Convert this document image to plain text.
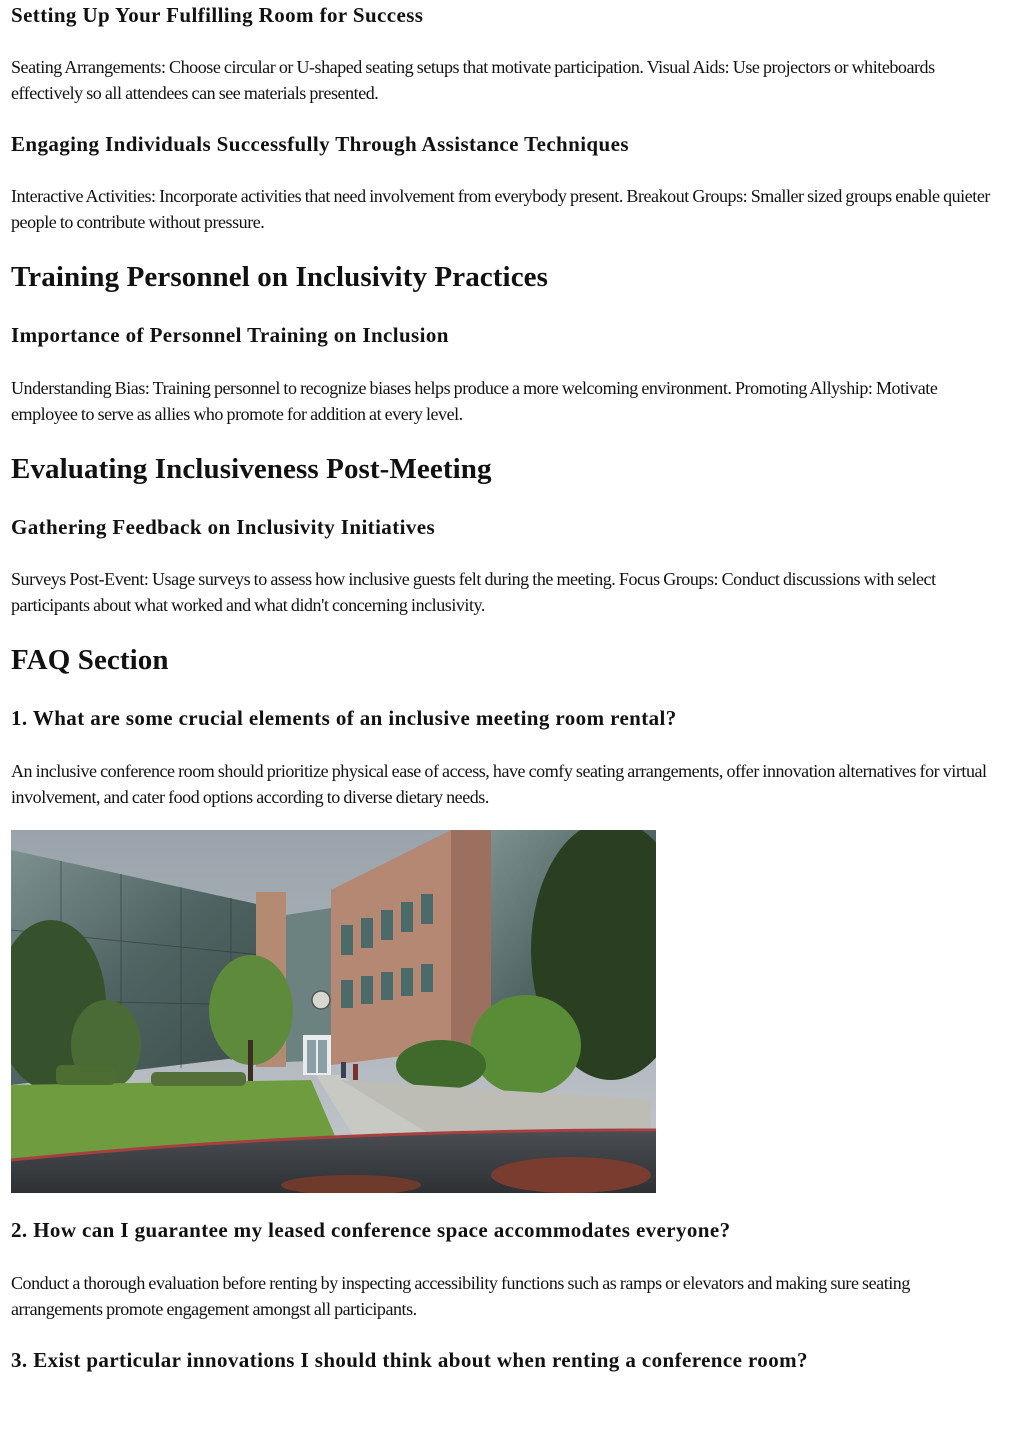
Setting Up Your Fulfilling Room for Success

Seating Arrangements: Choose circular or U-shaped seating setups that motivate participation. Visual Aids: Use projectors or whiteboards effectively so all attendees can see materials presented.

Engaging Individuals Successfully Through Assistance Techniques

Interactive Activities: Incorporate activities that need involvement from everybody present. Breakout Groups: Smaller sized groups enable quieter people to contribute without pressure.

Training Personnel on Inclusivity Practices
Importance of Personnel Training on Inclusion

Understanding Bias: Training personnel to recognize biases helps produce a more welcoming environment. Promoting Allyship: Motivate employee to serve as allies who promote for addition at every level.

Evaluating Inclusiveness Post-Meeting
Gathering Feedback on Inclusivity Initiatives

Surveys Post-Event: Usage surveys to assess how inclusive guests felt during the meeting. Focus Groups: Conduct discussions with select participants about what worked and what didn't concerning inclusivity.

FAQ Section
1. What are some crucial elements of an inclusive meeting room rental?

An inclusive conference room should prioritize physical ease of access, have comfy seating arrangements, offer innovation alternatives for virtual involvement, and cater food options according to diverse dietary needs.

2. How can I guarantee my leased conference space accommodates everyone?

Conduct a thorough evaluation before renting by inspecting accessibility functions such as ramps or elevators and making sure seating arrangements promote engagement amongst all participants.

3. Exist particular innovations I should think about when renting a conference room?
